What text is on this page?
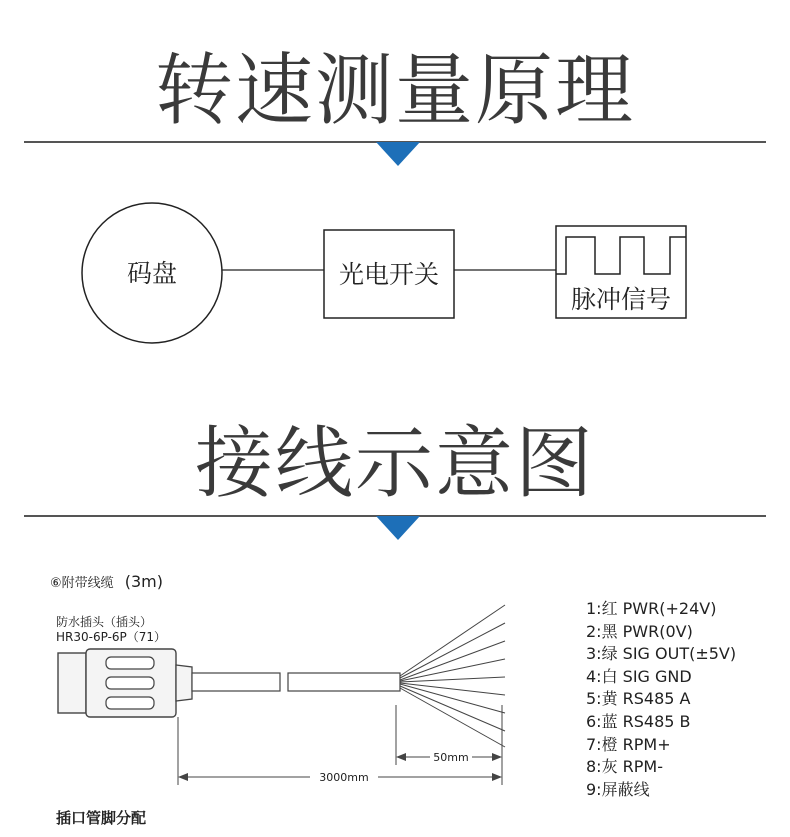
转速测量原理
码盘	光电开关
脉冲信号
接线示意图
⑥附带线缆 (3m)
防水插头（插头）
HR30-6P-6P（71）
50mm
3000mm
1:红 PWR(+24V)
2:黑 PWR(0V)
3:绿 SIG OUT(±5V)
4:白 SIG GND
5:黄 RS485 A
6:蓝 RS485 B
7:橙 RPM+
8:灰 RPM-
9:屏蔽线
插口管脚分配
